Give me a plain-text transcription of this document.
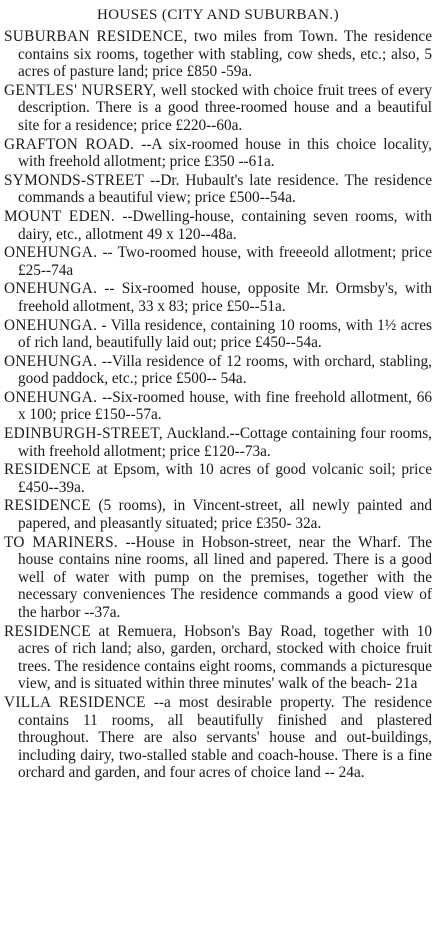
HOUSES (CITY AND SUBURBAN.)

SUBURBAN RESIDENCE, two miles from Town. The residence contains six rooms, together with stabling, cow sheds, etc.; also, 5 acres of pasture land; price £850 -59a.

GENTLES' NURSERY, well stocked with choice fruit trees of every description. There is a good three-roomed house and a beautiful site for a residence; price £220--60a.

GRAFTON ROAD. --A six-roomed house in this choice locality, with freehold allotment; price £350 --61a.

SYMONDS-STREET --Dr. Hubault's late residence. The residence commands a beautiful view; price £500--54a.

MOUNT EDEN. --Dwelling-house, containing seven rooms, with dairy, etc., allotment 49 x 120--48a.

ONEHUNGA. -- Two-roomed house, with freeeold allotment; price £25--74a

ONEHUNGA. -- Six-roomed house, opposite Mr. Ormsby's, with freehold allotment, 33 x 83; price £50--51a.

ONEHUNGA. - Villa residence, containing 10 rooms, with 1½ acres of rich land, beautifully laid out; price £450--54a.

ONEHUNGA. --Villa residence of 12 rooms, with orchard, stabling, good paddock, etc.; price £500-- 54a.

ONEHUNGA. --Six-roomed house, with fine freehold allotment, 66 x 100; price £150--57a.

EDINBURGH-STREET, Auckland.--Cottage containing four rooms, with freehold allotment; price £120--73a.

RESIDENCE at Epsom, with 10 acres of good volcanic soil; price £450--39a.

RESIDENCE (5 rooms), in Vincent-street, all newly painted and papered, and pleasantly situated; price £350- 32a.

TO MARINERS. --House in Hobson-street, near the Wharf. The house contains nine rooms, all lined and papered. There is a good well of water with pump on the premises, together with the necessary conveniences The residence commands a good view of the harbor --37a.

RESIDENCE at Remuera, Hobson's Bay Road, together with 10 acres of rich land; also, garden, orchard, stocked with choice fruit trees. The residence contains eight rooms, commands a picturesque view, and is situated within three minutes' walk of the beach- 21a

VILLA RESIDENCE --a most desirable property. The residence contains 11 rooms, all beautifully finished and plastered throughout. There are also servants' house and out-buildings, including dairy, two-stalled stable and coach-house. There is a fine orchard and garden, and four acres of choice land -- 24a.
